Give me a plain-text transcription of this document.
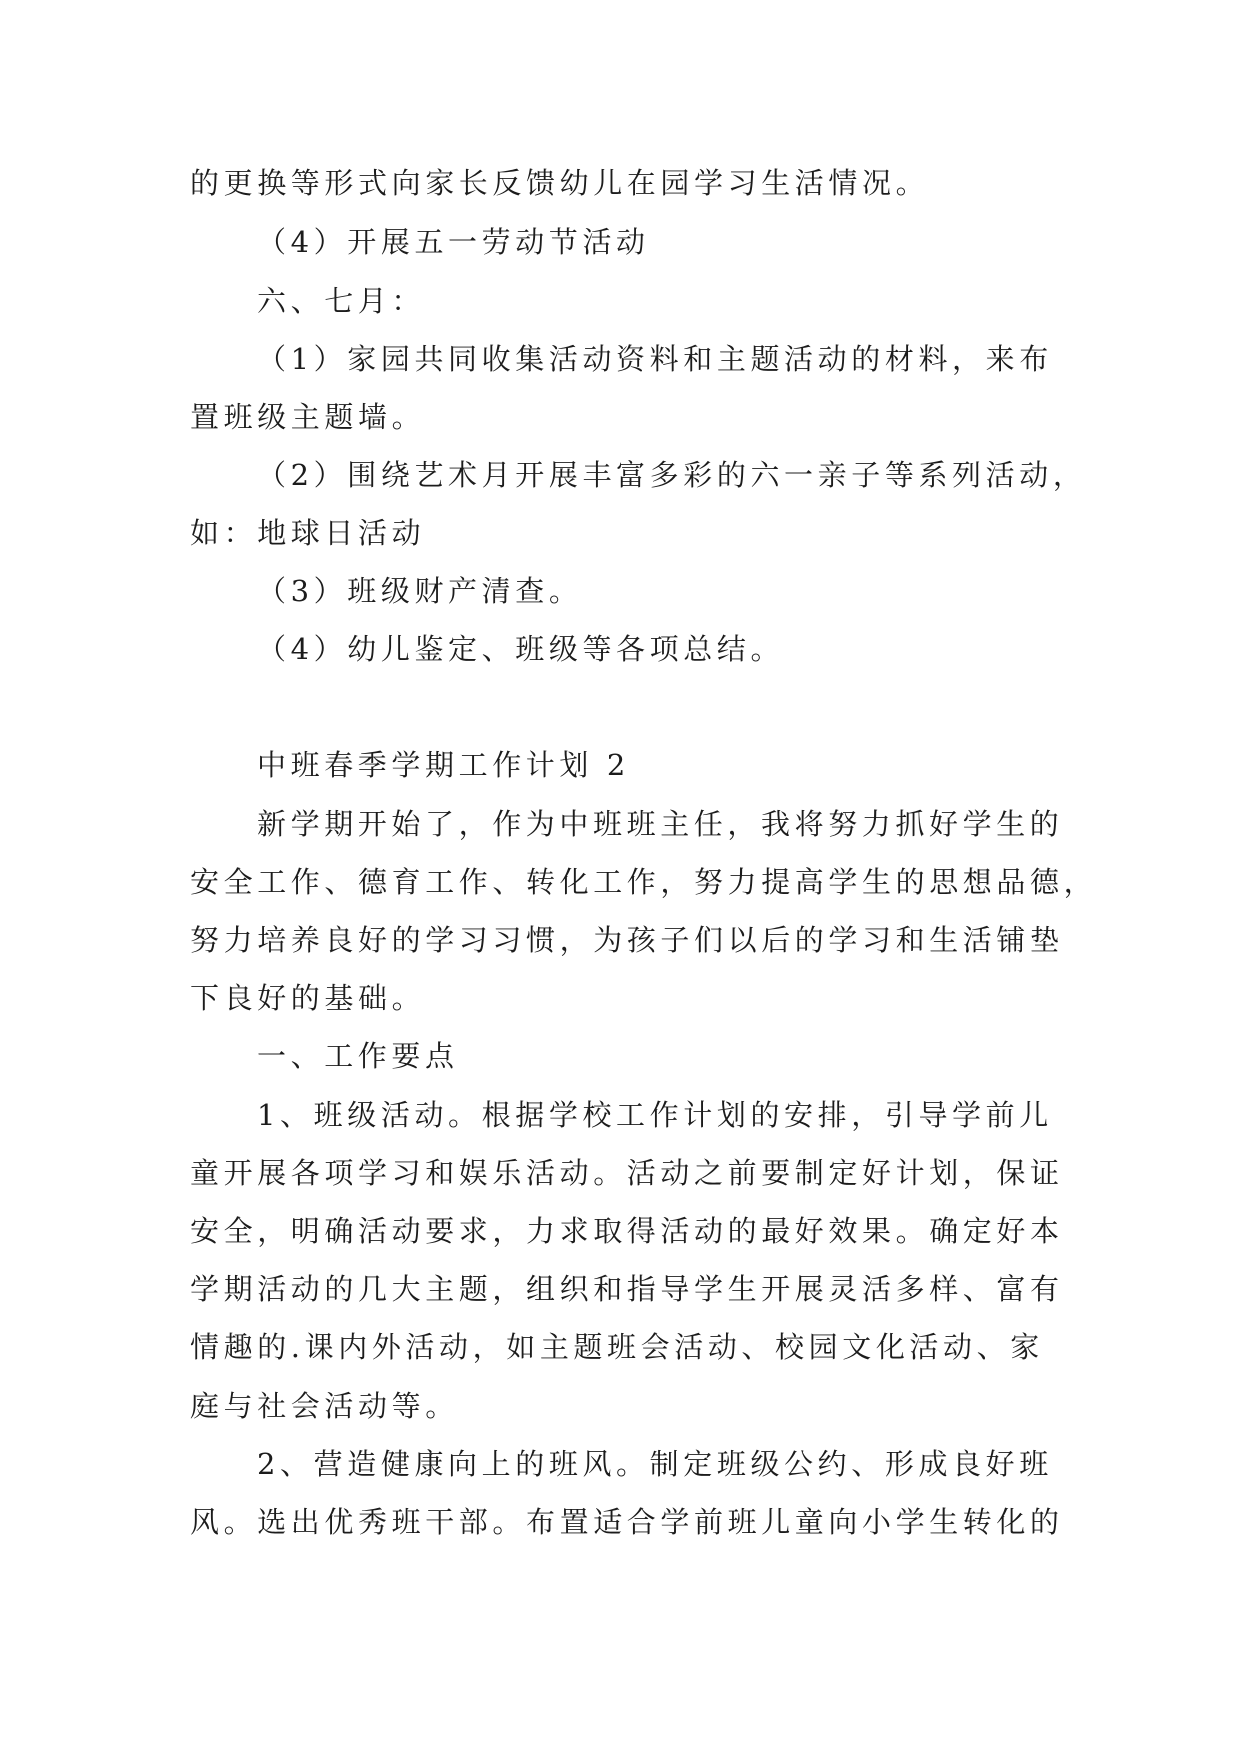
的更换等形式向家长反馈幼儿在园学习生活情况。

（4）开展五一劳动节活动

六、七月：

（1）家园共同收集活动资料和主题活动的材料，来布

置班级主题墙。

（2）围绕艺术月开展丰富多彩的六一亲子等系列活动，

如：地球日活动

（3）班级财产清查。

（4）幼儿鉴定、班级等各项总结。

中班春季学期工作计划 2

新学期开始了，作为中班班主任，我将努力抓好学生的

安全工作、德育工作、转化工作，努力提高学生的思想品德，

努力培养良好的学习习惯，为孩子们以后的学习和生活铺垫

下良好的基础。

一、工作要点

1、班级活动。根据学校工作计划的安排，引导学前儿

童开展各项学习和娱乐活动。活动之前要制定好计划，保证

安全，明确活动要求，力求取得活动的最好效果。确定好本

学期活动的几大主题，组织和指导学生开展灵活多样、富有

情趣的.课内外活动，如主题班会活动、校园文化活动、家

庭与社会活动等。

2、营造健康向上的班风。制定班级公约、形成良好班

风。选出优秀班干部。布置适合学前班儿童向小学生转化的
